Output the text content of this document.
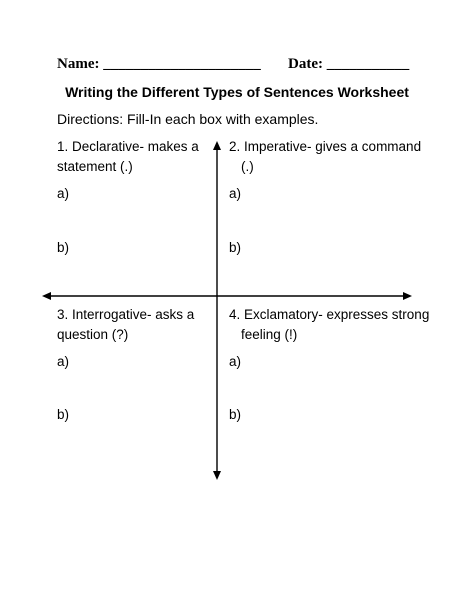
Name: _____________________ Date: ___________
Writing the Different Types of Sentences Worksheet
Directions: Fill-In each box with examples.
1. Declarative- makes a
statement (.)
a)
b)
2. Imperative- gives a command
(.)
a)
b)
3. Interrogative- asks a
question (?)
a)
b)
4. Exclamatory- expresses strong
feeling (!)
a)
b)
